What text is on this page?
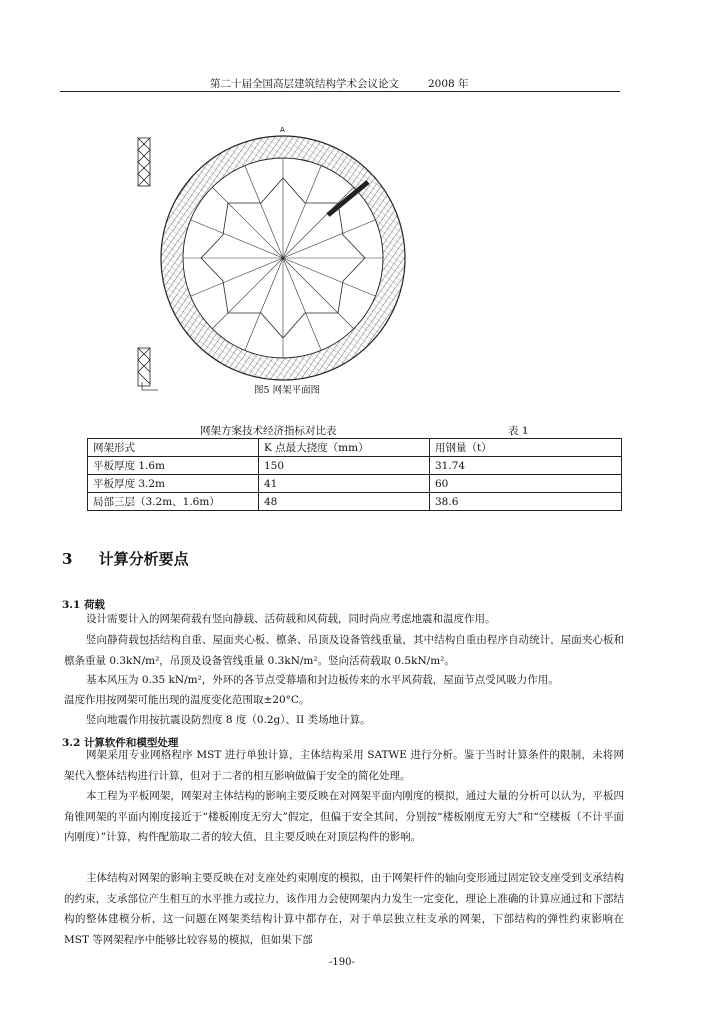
第二十届全国高层建筑结构学术会议论文	2008 年
A
图5 网架平面图
网架方案技术经济指标对比表	表 1
网架形式	K 点最大挠度（mm）	用钢量（t）
平板厚度 1.6m	150	31.74
平板厚度 3.2m	41	60
局部三层（3.2m、1.6m）	48	38.6
3 计算分析要点
3.1 荷载

设计需要计入的网架荷载有竖向静载、活荷载和风荷载，同时尚应考虑地震和温度作用。

竖向静荷载包括结构自重、屋面夹心板、檩条、吊顶及设备管线重量，其中结构自重由程序自动统计，屋面夹心板和檩条重量 0.3kN/m²，吊顶及设备管线重量 0.3kN/m²。竖向活荷载取 0.5kN/m²。

基本风压为 0.35 kN/m²，外环的各节点受幕墙和封边板传来的水平风荷载，屋面节点受风吸力作用。

温度作用按网架可能出现的温度变化范围取±20°C。

竖向地震作用按抗震设防烈度 8 度（0.2g）、II 类场地计算。

3.2 计算软件和模型处理

网架采用专业网格程序 MST 进行单独计算，主体结构采用 SATWE 进行分析。鉴于当时计算条件的限制，未将网架代入整体结构进行计算，但对于二者的相互影响做偏于安全的简化处理。

本工程为平板网架，网架对主体结构的影响主要反映在对网架平面内刚度的模拟，通过大量的分析可以认为，平板四角锥网架的平面内刚度接近于“楼板刚度无穷大”假定，但偏于安全其间，分别按“楼板刚度无穷大”和“空楼板（不计平面内刚度）”计算，构件配筋取二者的较大值，且主要反映在对顶层构件的影响。

主体结构对网架的影响主要反映在对支座处约束刚度的模拟，由于网架杆件的轴向变形通过固定铰支座受到支承结构的约束，支承部位产生相互的水平推力或拉力，该作用力会使网架内力发生一定变化，理论上准确的计算应通过和下部结构的整体建模分析，这一问题在网架类结构计算中都存在，对于单层独立柱支承的网架，下部结构的弹性约束影响在 MST 等网架程序中能够比较容易的模拟，但如果下部

-190-
